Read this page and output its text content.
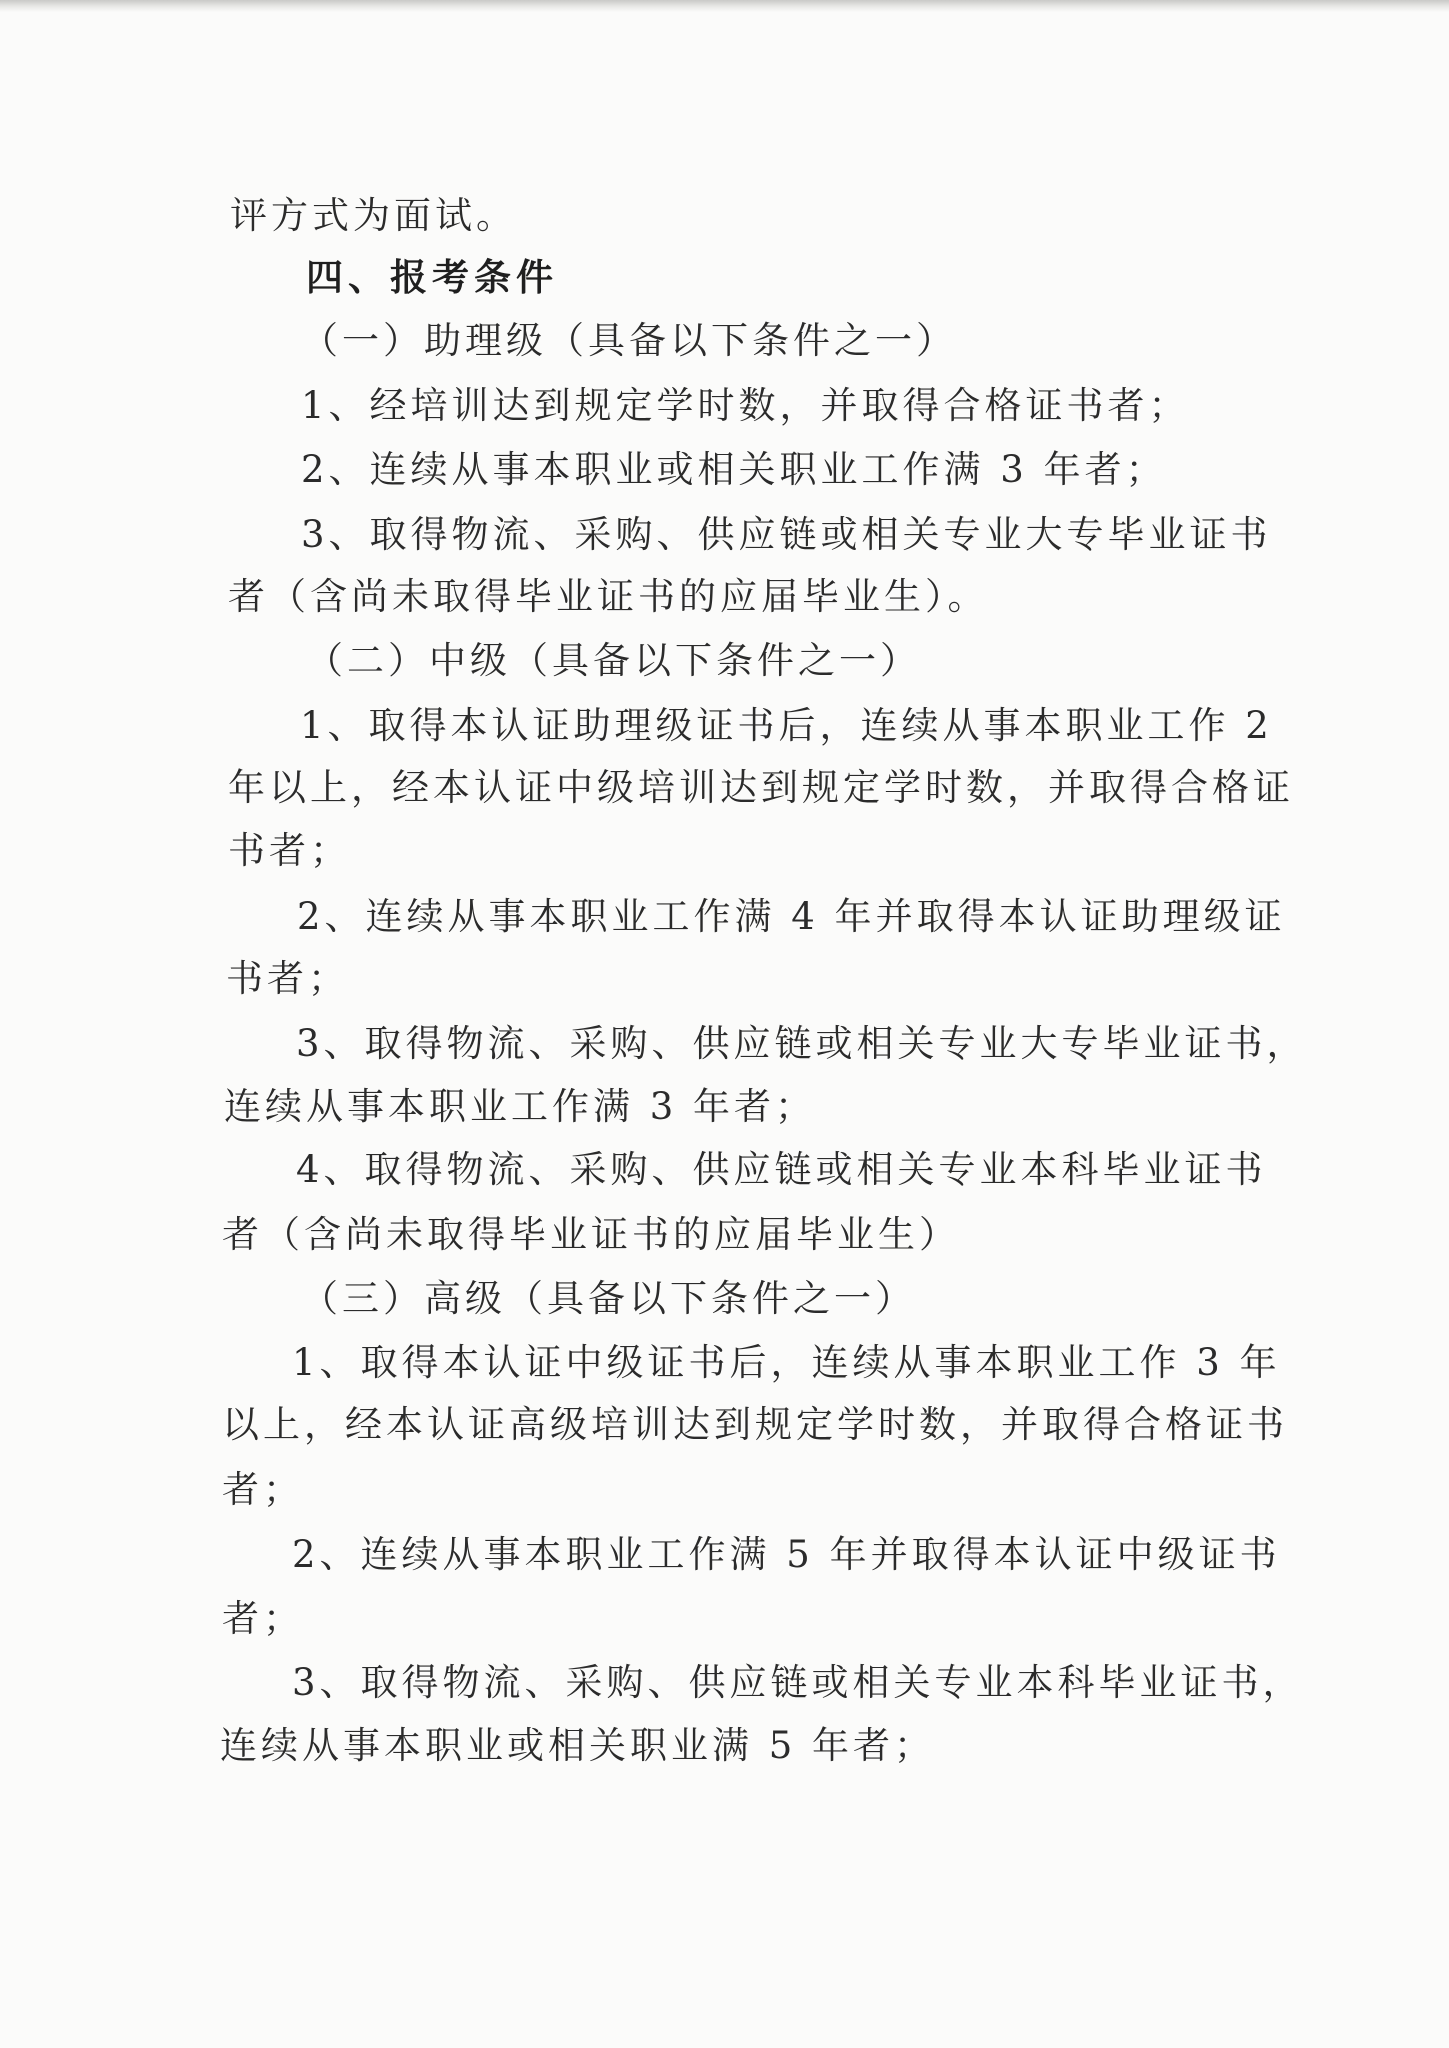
评方式为面试。
四、报考条件
（一）助理级（具备以下条件之一）
1、经培训达到规定学时数，并取得合格证书者；
2、连续从事本职业或相关职业工作满 3 年者；
3、取得物流、采购、供应链或相关专业大专毕业证书
者（含尚未取得毕业证书的应届毕业生）。
（二）中级（具备以下条件之一）
1、取得本认证助理级证书后，连续从事本职业工作 2
年以上，经本认证中级培训达到规定学时数，并取得合格证
书者；
2、连续从事本职业工作满 4 年并取得本认证助理级证
书者；
3、取得物流、采购、供应链或相关专业大专毕业证书，
连续从事本职业工作满 3 年者；
4、取得物流、采购、供应链或相关专业本科毕业证书
者（含尚未取得毕业证书的应届毕业生）
（三）高级（具备以下条件之一）
1、取得本认证中级证书后，连续从事本职业工作 3 年
以上，经本认证高级培训达到规定学时数，并取得合格证书
者；
2、连续从事本职业工作满 5 年并取得本认证中级证书
者；
3、取得物流、采购、供应链或相关专业本科毕业证书，
连续从事本职业或相关职业满 5 年者；
